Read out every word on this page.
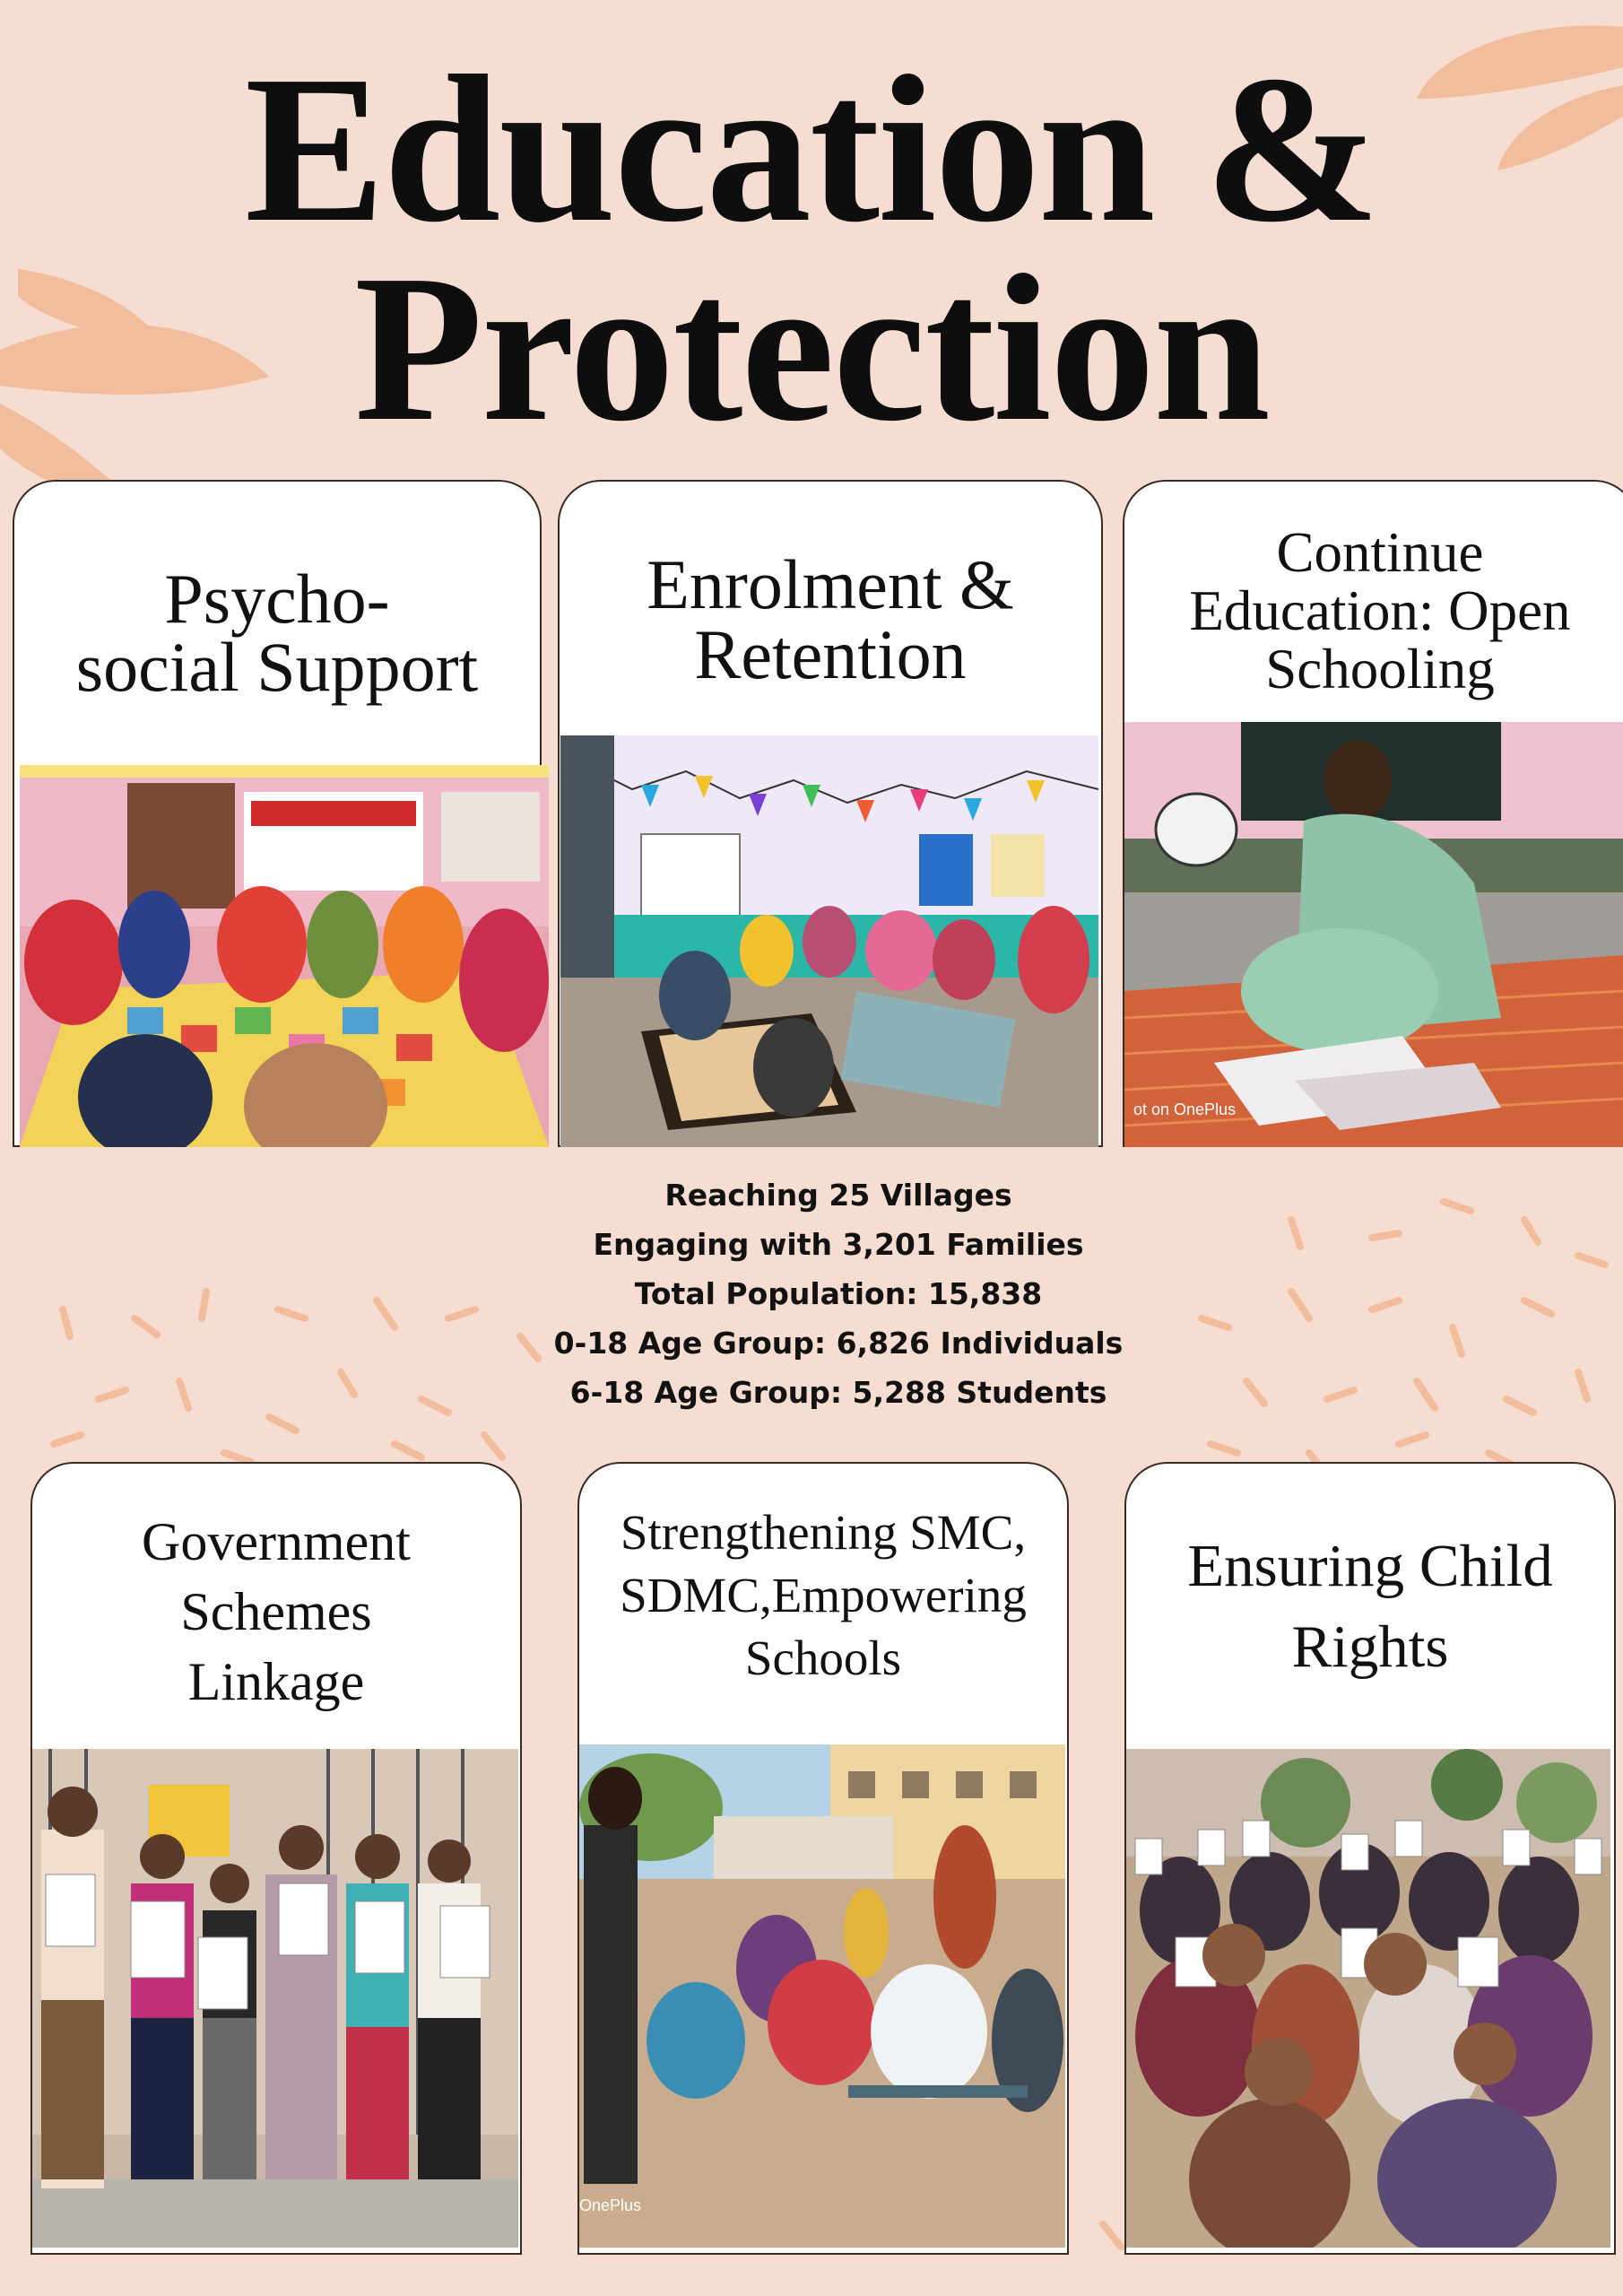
Education &
Protection
Psycho-
social Support
Enrolment &
Retention
Continue
Education: Open
Schooling
ot on OnePlus
Reaching 25 Villages
Engaging with 3,201 Families
Total Population: 15,838
0-18 Age Group: 6,826 Individuals
6-18 Age Group: 5,288 Students
Government
Schemes
Linkage
Strengthening SMC,
SDMC,Empowering
Schools
OnePlus
Ensuring Child
Rights
